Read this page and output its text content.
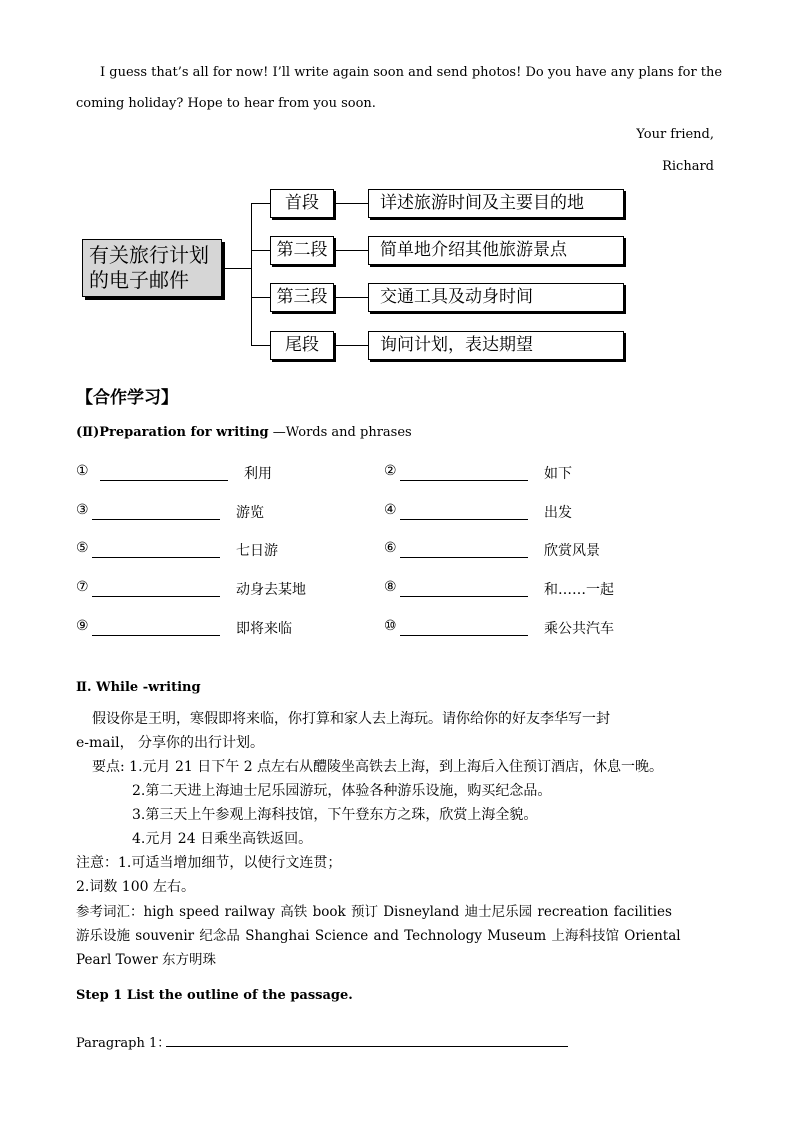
I guess that’s all for now! I’ll write again soon and send photos! Do you have any plans for the
coming holiday? Hope to hear from you soon.
Your friend,
Richard
有关旅行计划的电子邮件
首段	详述旅游时间及主要目的地
第二段	简单地介绍其他旅游景点
第三段	交通工具及动身时间
尾段	询问计划，表达期望
【合作学习】
(Ⅱ)Preparation for writing —Words and phrases
①	利用	②	如下
③	游览	④	出发
⑤	七日游	⑥	欣赏风景
⑦	动身去某地	⑧	和……一起
⑨	即将来临	⑩	乘公共汽车
Ⅱ. While -writing
假设你是王明，寒假即将来临，你打算和家人去上海玩。请你给你的好友李华写一封
e-mail， 分享你的出行计划。
要点: 1.元月 21 日下午 2 点左右从醴陵坐高铁去上海，到上海后入住预订酒店，休息一晚。
2.第二天进上海迪士尼乐园游玩，体验各种游乐设施，购买纪念品。
3.第三天上午参观上海科技馆，下午登东方之珠，欣赏上海全貌。
4.元月 24 日乘坐高铁返回。
注意：1.可适当增加细节，以使行文连贯；
2.词数 100 左右。
参考词汇：high speed railway 高铁 book 预订 Disneyland 迪士尼乐园 recreation facilities
游乐设施 souvenir 纪念品 Shanghai Science and Technology Museum 上海科技馆 Oriental
Pearl Tower 东方明珠
Step 1 List the outline of the passage.
Paragraph 1：
